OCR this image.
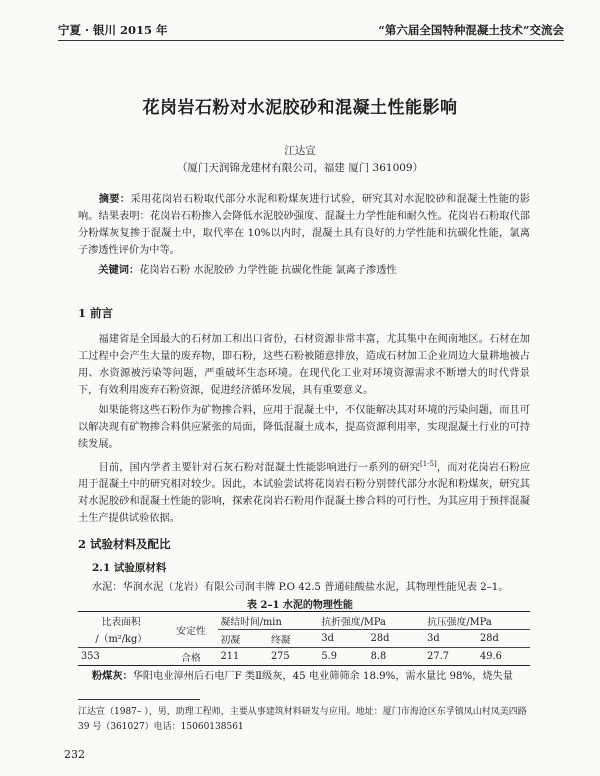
宁夏 · 银川 2015 年	“第六届全国特种混凝土技术”交流会
花岗岩石粉对水泥胶砂和混凝土性能影响
江达宣
（厦门天润锦龙建材有限公司，福建 厦门 361009）
摘要：采用花岗岩石粉取代部分水泥和粉煤灰进行试验，研究其对水泥胶砂和混凝土性能的影响。结果表明：花岗岩石粉掺入会降低水泥胶砂强度、混凝土力学性能和耐久性。花岗岩石粉取代部分粉煤灰复掺于混凝土中，取代率在 10%以内时，混凝土具有良好的力学性能和抗碳化性能，氯离子渗透性评价为中等。
关键词：花岗岩石粉 水泥胶砂 力学性能 抗碳化性能 氯离子渗透性
1 前言
福建省是全国最大的石材加工和出口省份，石材资源非常丰富，尤其集中在闽南地区。石材在加工过程中会产生大量的废弃物，即石粉，这些石粉被随意排放，造成石材加工企业周边大量耕地被占用、水资源被污染等问题，严重破坏生态环境。在现代化工业对环境资源需求不断增大的时代背景下，有效利用废弃石粉资源，促进经济循环发展，具有重要意义。
如果能将这些石粉作为矿物掺合料，应用于混凝土中，不仅能解决其对环境的污染问题，而且可以解决现有矿物掺合料供应紧张的局面，降低混凝土成本，提高资源利用率，实现混凝土行业的可持续发展。
目前，国内学者主要针对石灰石粉对混凝土性能影响进行一系列的研究[1-5]，而对花岗岩石粉应用于混凝土中的研究相对较少。因此，本试验尝试将花岗岩石粉分别替代部分水泥和粉煤灰，研究其对水泥胶砂和混凝土性能的影响，探索花岗岩石粉用作混凝土掺合料的可行性，为其应用于预拌混凝土生产提供试验依据。
2 试验材料及配比
2.1 试验原材料
水泥：华润水泥（龙岩）有限公司润丰牌 P.O 42.5 普通硅酸盐水泥，其物理性能见表 2–1。
表 2–1 水泥的物理性能
比表面积	安定性	凝结时间/min		抗折强度/MPa		抗压强度/MPa	
/（m²/kg）		初凝	终凝	3d	28d	3d	28d
353	合格	211	275	5.9	8.8	27.7	49.6
粉煤灰：华阳电业漳州后石电厂F 类Ⅱ级灰，45 电业筛筛余 18.9%，需水量比 98%，烧失量
江达宣（1987– ），男，助理工程师，主要从事建筑材料研发与应用。地址：厦门市海沧区东孚镇凤山村凤美四路 39 号（361027）电话：15060138561
232
